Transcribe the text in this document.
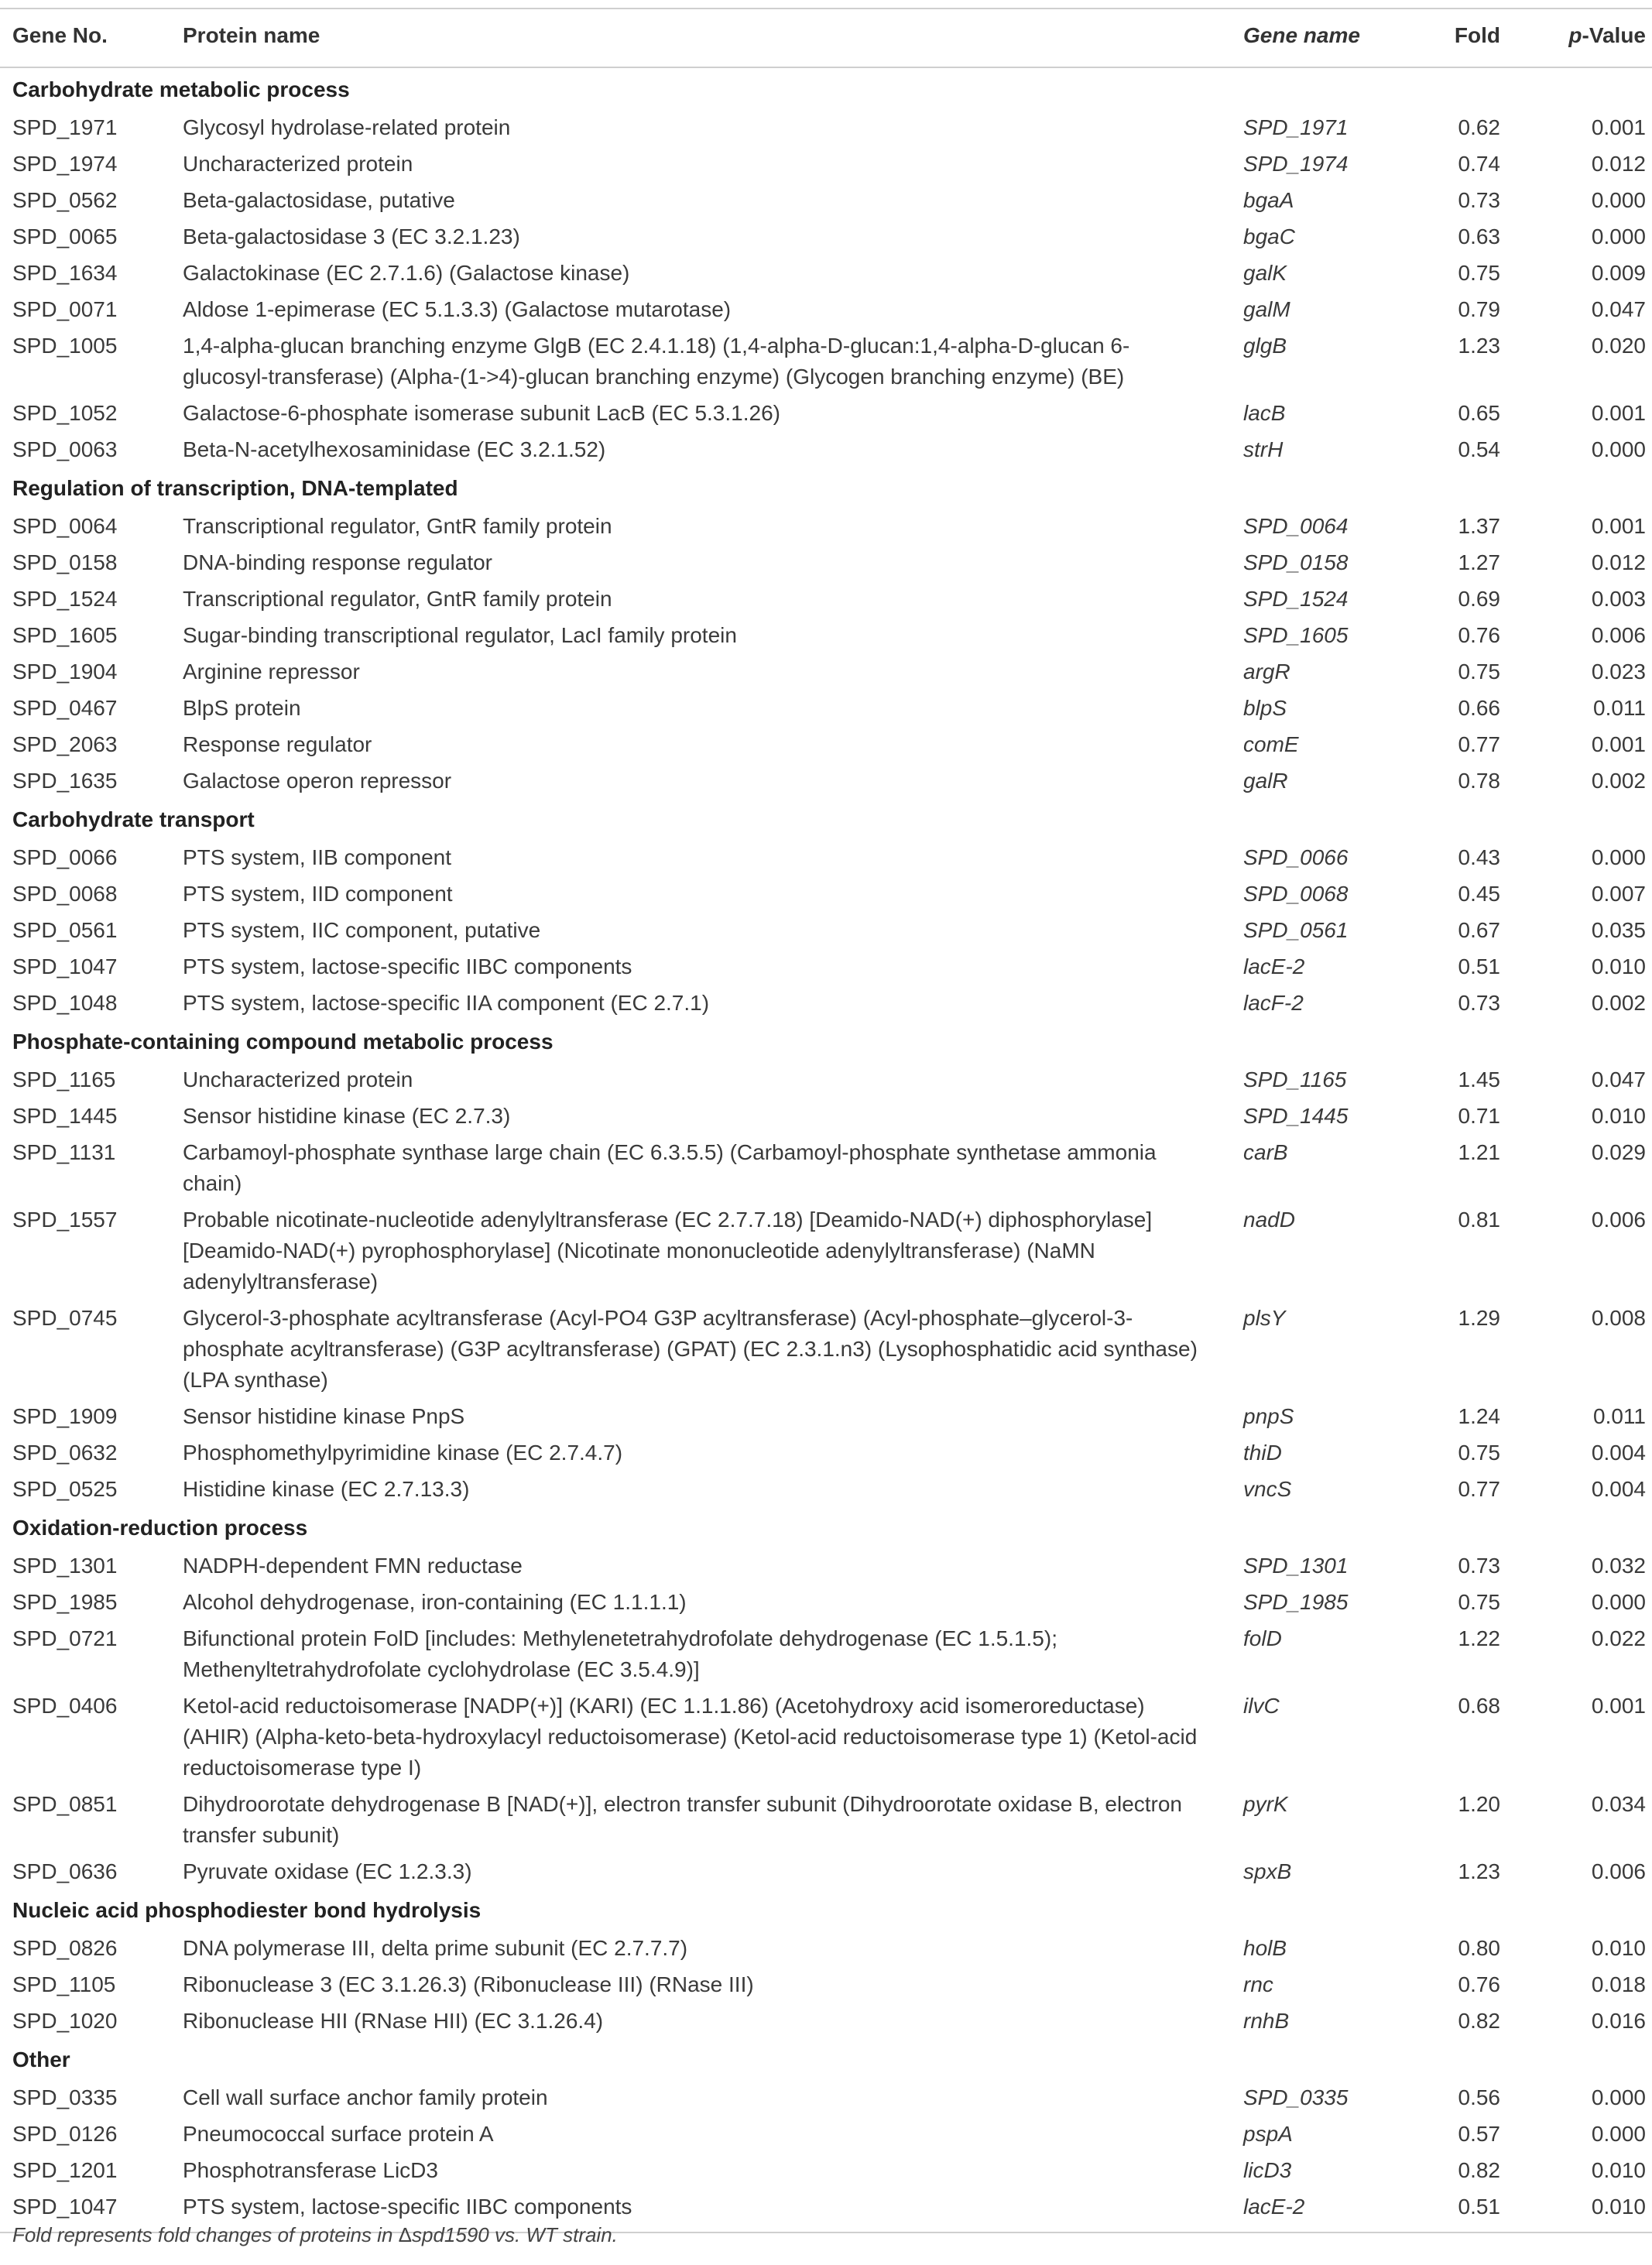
Gene No.	Protein name	Gene name	Fold	p-Value
Carbohydrate metabolic process				
SPD_1971	Glycosyl hydrolase-related protein	SPD_1971	0.62	0.001
SPD_1974	Uncharacterized protein	SPD_1974	0.74	0.012
SPD_0562	Beta-galactosidase, putative	bgaA	0.73	0.000
SPD_0065	Beta-galactosidase 3 (EC 3.2.1.23)	bgaC	0.63	0.000
SPD_1634	Galactokinase (EC 2.7.1.6) (Galactose kinase)	galK	0.75	0.009
SPD_0071	Aldose 1-epimerase (EC 5.1.3.3) (Galactose mutarotase)	galM	0.79	0.047
SPD_1005	1,4-alpha-glucan branching enzyme GlgB (EC 2.4.1.18) (1,4-alpha-D-glucan:1,4-alpha-D-glucan 6-glucosyl-transferase) (Alpha-(1->4)-glucan branching enzyme) (Glycogen branching enzyme) (BE)	glgB	1.23	0.020
SPD_1052	Galactose-6-phosphate isomerase subunit LacB (EC 5.3.1.26)	lacB	0.65	0.001
SPD_0063	Beta-N-acetylhexosaminidase (EC 3.2.1.52)	strH	0.54	0.000
Regulation of transcription, DNA-templated				
SPD_0064	Transcriptional regulator, GntR family protein	SPD_0064	1.37	0.001
SPD_0158	DNA-binding response regulator	SPD_0158	1.27	0.012
SPD_1524	Transcriptional regulator, GntR family protein	SPD_1524	0.69	0.003
SPD_1605	Sugar-binding transcriptional regulator, LacI family protein	SPD_1605	0.76	0.006
SPD_1904	Arginine repressor	argR	0.75	0.023
SPD_0467	BlpS protein	blpS	0.66	0.011
SPD_2063	Response regulator	comE	0.77	0.001
SPD_1635	Galactose operon repressor	galR	0.78	0.002
Carbohydrate transport				
SPD_0066	PTS system, IIB component	SPD_0066	0.43	0.000
SPD_0068	PTS system, IID component	SPD_0068	0.45	0.007
SPD_0561	PTS system, IIC component, putative	SPD_0561	0.67	0.035
SPD_1047	PTS system, lactose-specific IIBC components	lacE-2	0.51	0.010
SPD_1048	PTS system, lactose-specific IIA component (EC 2.7.1)	lacF-2	0.73	0.002
Phosphate-containing compound metabolic process				
SPD_1165	Uncharacterized protein	SPD_1165	1.45	0.047
SPD_1445	Sensor histidine kinase (EC 2.7.3)	SPD_1445	0.71	0.010
SPD_1131	Carbamoyl-phosphate synthase large chain (EC 6.3.5.5) (Carbamoyl-phosphate synthetase ammonia chain)	carB	1.21	0.029
SPD_1557	Probable nicotinate-nucleotide adenylyltransferase (EC 2.7.7.18) [Deamido-NAD(+) diphosphorylase] [Deamido-NAD(+) pyrophosphorylase] (Nicotinate mononucleotide adenylyltransferase) (NaMN adenylyltransferase)	nadD	0.81	0.006
SPD_0745	Glycerol-3-phosphate acyltransferase (Acyl-PO4 G3P acyltransferase) (Acyl-phosphate–glycerol-3-phosphate acyltransferase) (G3P acyltransferase) (GPAT) (EC 2.3.1.n3) (Lysophosphatidic acid synthase) (LPA synthase)	plsY	1.29	0.008
SPD_1909	Sensor histidine kinase PnpS	pnpS	1.24	0.011
SPD_0632	Phosphomethylpyrimidine kinase (EC 2.7.4.7)	thiD	0.75	0.004
SPD_0525	Histidine kinase (EC 2.7.13.3)	vncS	0.77	0.004
Oxidation-reduction process				
SPD_1301	NADPH-dependent FMN reductase	SPD_1301	0.73	0.032
SPD_1985	Alcohol dehydrogenase, iron-containing (EC 1.1.1.1)	SPD_1985	0.75	0.000
SPD_0721	Bifunctional protein FolD [includes: Methylenetetrahydrofolate dehydrogenase (EC 1.5.1.5); Methenyltetrahydrofolate cyclohydrolase (EC 3.5.4.9)]	folD	1.22	0.022
SPD_0406	Ketol-acid reductoisomerase [NADP(+)] (KARI) (EC 1.1.1.86) (Acetohydroxy acid isomeroreductase) (AHIR) (Alpha-keto-beta-hydroxylacyl reductoisomerase) (Ketol-acid reductoisomerase type 1) (Ketol-acid reductoisomerase type I)	ilvC	0.68	0.001
SPD_0851	Dihydroorotate dehydrogenase B [NAD(+)], electron transfer subunit (Dihydroorotate oxidase B, electron transfer subunit)	pyrK	1.20	0.034
SPD_0636	Pyruvate oxidase (EC 1.2.3.3)	spxB	1.23	0.006
Nucleic acid phosphodiester bond hydrolysis				
SPD_0826	DNA polymerase III, delta prime subunit (EC 2.7.7.7)	holB	0.80	0.010
SPD_1105	Ribonuclease 3 (EC 3.1.26.3) (Ribonuclease III) (RNase III)	rnc	0.76	0.018
SPD_1020	Ribonuclease HII (RNase HII) (EC 3.1.26.4)	rnhB	0.82	0.016
Other				
SPD_0335	Cell wall surface anchor family protein	SPD_0335	0.56	0.000
SPD_0126	Pneumococcal surface protein A	pspA	0.57	0.000
SPD_1201	Phosphotransferase LicD3	licD3	0.82	0.010
SPD_1047	PTS system, lactose-specific IIBC components	lacE-2	0.51	0.010
Fold represents fold changes of proteins in Δspd1590 vs. WT strain.
